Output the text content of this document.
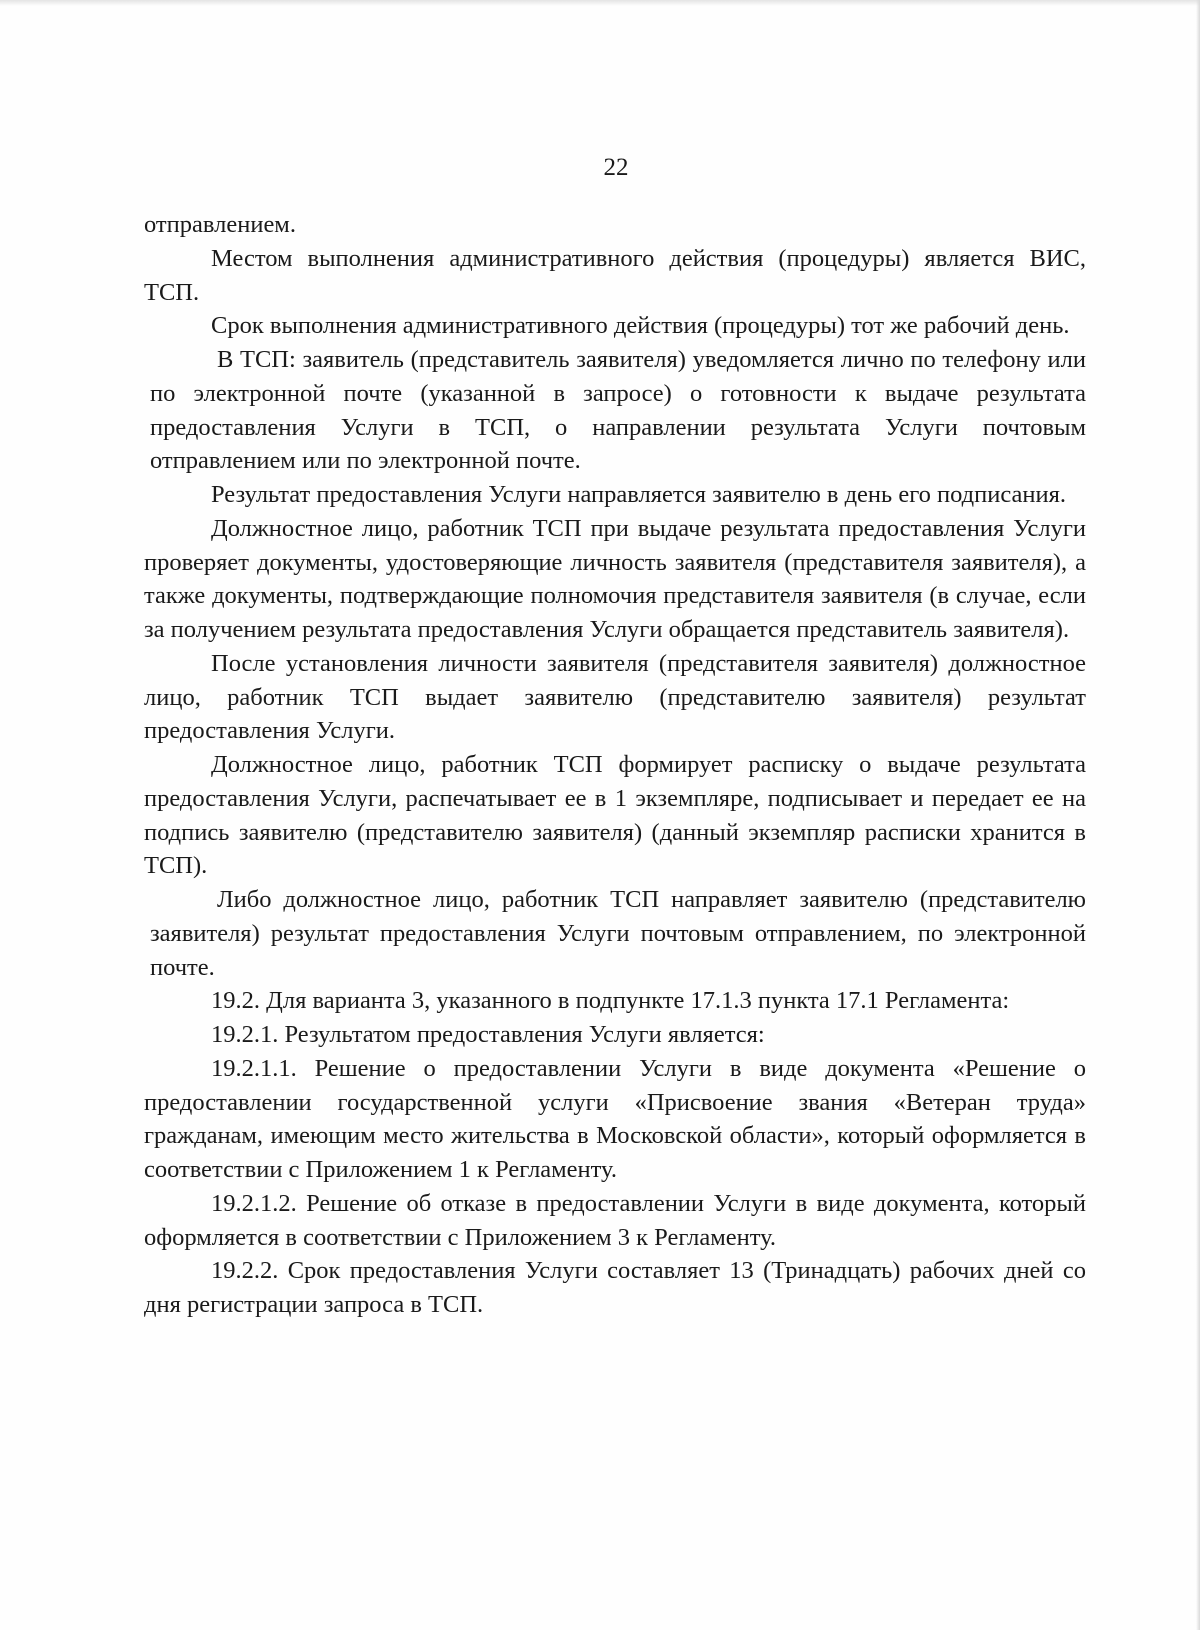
22

отправлением.

Местом выполнения административного действия (процедуры) является ВИС, ТСП.

Срок выполнения административного действия (процедуры) тот же рабочий день.

В ТСП: заявитель (представитель заявителя) уведомляется лично по телефону или по электронной почте (указанной в запросе) о готовности к выдаче результата предоставления Услуги в ТСП, о направлении результата Услуги почтовым отправлением или по электронной почте.

Результат предоставления Услуги направляется заявителю в день его подписания.

Должностное лицо, работник ТСП при выдаче результата предоставления Услуги проверяет документы, удостоверяющие личность заявителя (представителя заявителя), а также документы, подтверждающие полномочия представителя заявителя (в случае, если за получением результата предоставления Услуги обращается представитель заявителя).

После установления личности заявителя (представителя заявителя) должностное лицо, работник ТСП выдает заявителю (представителю заявителя) результат предоставления Услуги.

Должностное лицо, работник ТСП формирует расписку о выдаче результата предоставления Услуги, распечатывает ее в 1 экземпляре, подписывает и передает ее на подпись заявителю (представителю заявителя) (данный экземпляр расписки хранится в ТСП).

Либо должностное лицо, работник ТСП направляет заявителю (представителю заявителя) результат предоставления Услуги почтовым отправлением, по электронной почте.

19.2. Для варианта 3, указанного в подпункте 17.1.3 пункта 17.1 Регламента:

19.2.1. Результатом предоставления Услуги является:

19.2.1.1. Решение о предоставлении Услуги в виде документа «Решение о предоставлении государственной услуги «Присвоение звания «Ветеран труда» гражданам, имеющим место жительства в Московской области», который оформляется в соответствии с Приложением 1 к Регламенту.

19.2.1.2. Решение об отказе в предоставлении Услуги в виде документа, который оформляется в соответствии с Приложением 3 к Регламенту.

19.2.2. Срок предоставления Услуги составляет 13 (Тринадцать) рабочих дней со дня регистрации запроса в ТСП.
